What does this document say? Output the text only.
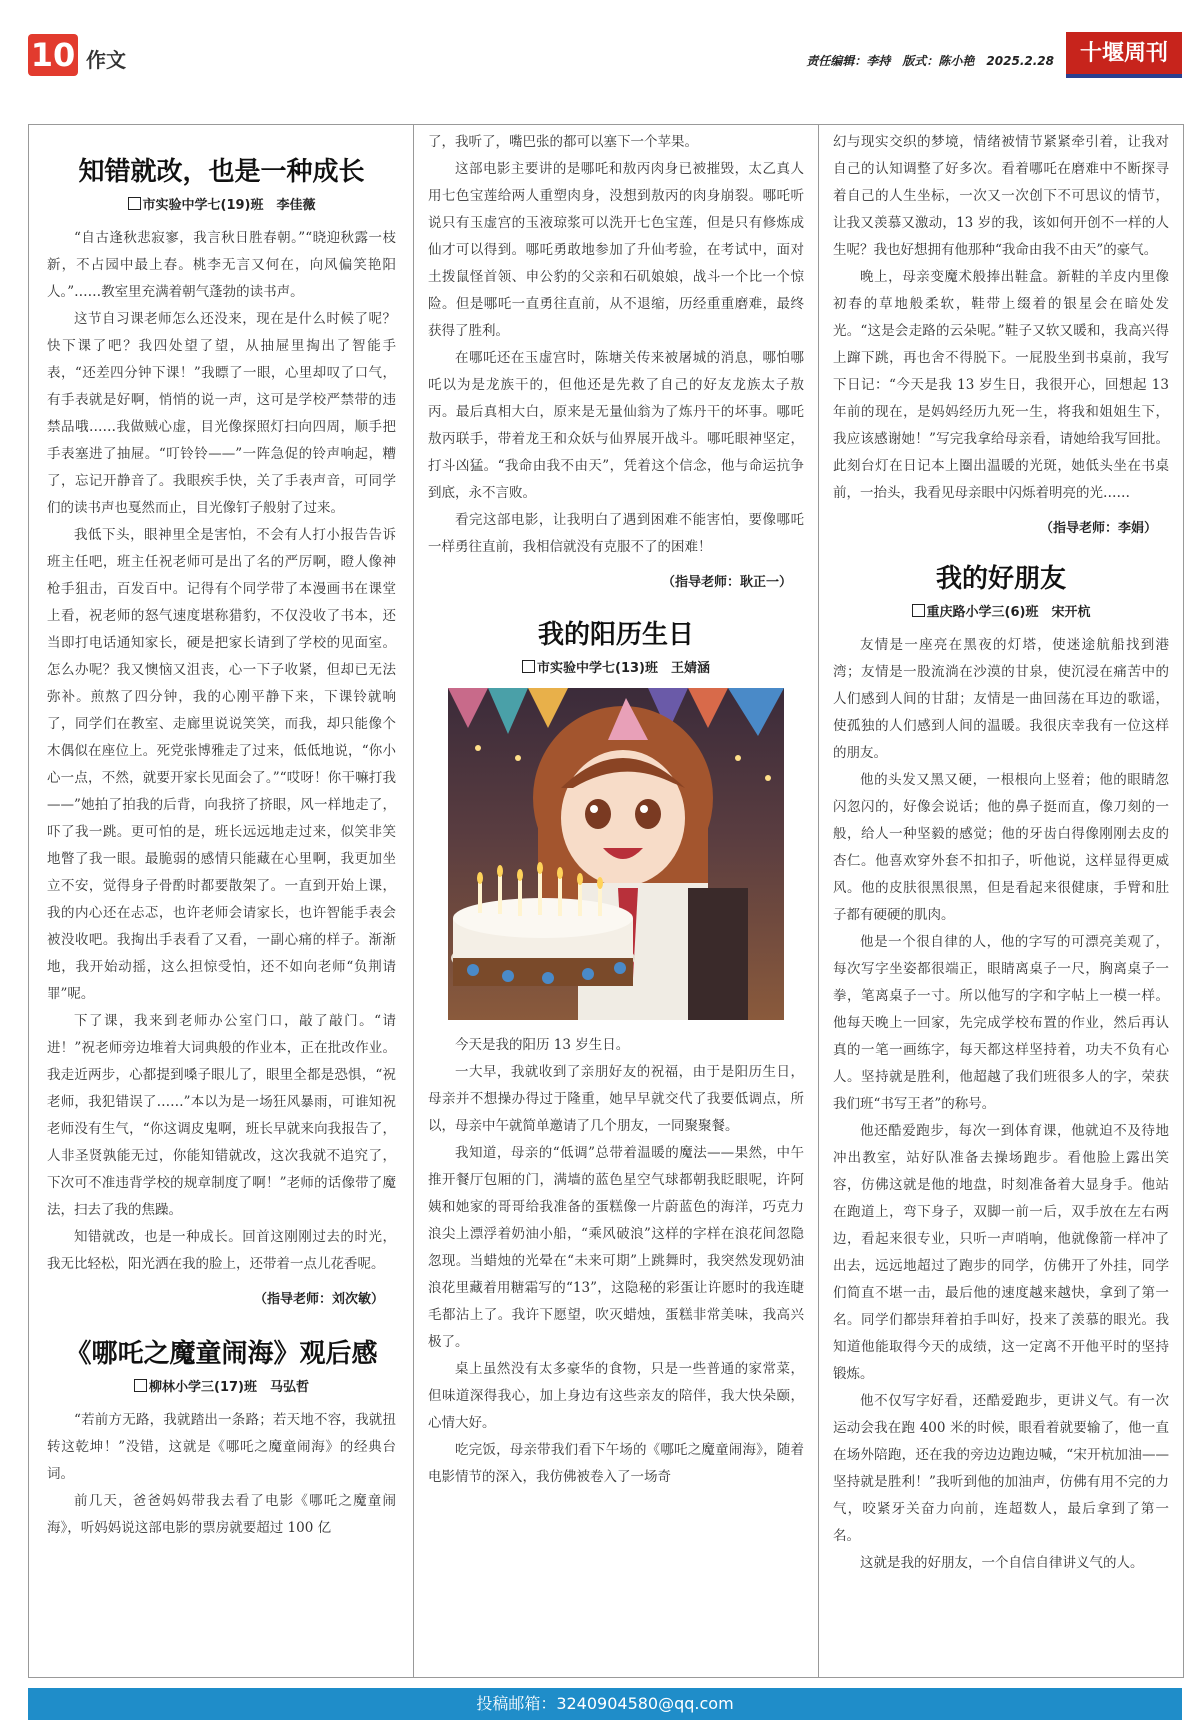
10 作文	责任编辑：李持　版式：陈小艳　2025.2.28	十堰周刊
知错就改，也是一种成长
市实验中学七(19)班　李佳薇

“自古逢秋悲寂寥，我言秋日胜春朝。”“晓迎秋露一枝新，不占园中最上春。桃李无言又何在，向风偏笑艳阳人。”……教室里充满着朝气蓬勃的读书声。

这节自习课老师怎么还没来，现在是什么时候了呢？快下课了吧？我四处望了望，从抽屉里掏出了智能手表，“还差四分钟下课！”我瞟了一眼，心里却叹了口气，有手表就是好啊，悄悄的说一声，这可是学校严禁带的违禁品哦……我做贼心虚，目光像探照灯扫向四周，顺手把手表塞进了抽屉。“叮铃铃——”一阵急促的铃声响起，糟了，忘记开静音了。我眼疾手快，关了手表声音，可同学们的读书声也戛然而止，目光像钉子般射了过来。

我低下头，眼神里全是害怕，不会有人打小报告告诉班主任吧，班主任祝老师可是出了名的严厉啊，瞪人像神枪手狙击，百发百中。记得有个同学带了本漫画书在课堂上看，祝老师的怒气速度堪称猎豹，不仅没收了书本，还当即打电话通知家长，硬是把家长请到了学校的见面室。怎么办呢？我又懊恼又沮丧，心一下子收紧，但却已无法弥补。煎熬了四分钟，我的心刚平静下来，下课铃就响了，同学们在教室、走廊里说说笑笑，而我，却只能像个木偶似在座位上。死党张博雅走了过来，低低地说，“你小心一点，不然，就要开家长见面会了。”“哎呀！你干嘛打我——”她拍了拍我的后背，向我挤了挤眼，风一样地走了，吓了我一跳。更可怕的是，班长远远地走过来，似笑非笑地瞥了我一眼。最脆弱的感情只能藏在心里啊，我更加坐立不安，觉得身子骨酌时都要散架了。一直到开始上课，我的内心还在忐忑，也许老师会请家长，也许智能手表会被没收吧。我掏出手表看了又看，一副心痛的样子。渐渐地，我开始动摇，这么担惊受怕，还不如向老师“负荆请罪”呢。

下了课，我来到老师办公室门口，敲了敲门。“请进！”祝老师旁边堆着大词典般的作业本，正在批改作业。我走近两步，心都提到嗓子眼儿了，眼里全都是恐惧，“祝老师，我犯错误了……”本以为是一场狂风暴雨，可谁知祝老师没有生气，“你这调皮鬼啊，班长早就来向我报告了，人非圣贤孰能无过，你能知错就改，这次我就不追究了，下次可不准违背学校的规章制度了啊！”老师的话像带了魔法，扫去了我的焦躁。

知错就改，也是一种成长。回首这刚刚过去的时光，我无比轻松，阳光洒在我的脸上，还带着一点儿花香呢。

（指导老师：刘次敏）
《哪吒之魔童闹海》观后感
柳林小学三(17)班　马弘哲

“若前方无路，我就踏出一条路；若天地不容，我就扭转这乾坤！”没错，这就是《哪吒之魔童闹海》的经典台词。

前几天，爸爸妈妈带我去看了电影《哪吒之魔童闹海》，听妈妈说这部电影的票房就要超过 100 亿

了，我听了，嘴巴张的都可以塞下一个苹果。

这部电影主要讲的是哪吒和敖丙肉身已被摧毁，太乙真人用七色宝莲给两人重塑肉身，没想到敖丙的肉身崩裂。哪吒听说只有玉虚宫的玉液琼浆可以洗开七色宝莲，但是只有修炼成仙才可以得到。哪吒勇敢地参加了升仙考验，在考试中，面对土拨鼠怪首领、申公豹的父亲和石矶娘娘，战斗一个比一个惊险。但是哪吒一直勇往直前，从不退缩，历经重重磨难，最终获得了胜利。

在哪吒还在玉虚宫时，陈塘关传来被屠城的消息，哪怕哪吒以为是龙族干的，但他还是先救了自己的好友龙族太子敖丙。最后真相大白，原来是无量仙翁为了炼丹干的坏事。哪吒敖丙联手，带着龙王和众妖与仙界展开战斗。哪吒眼神坚定，打斗凶猛。“我命由我不由天”，凭着这个信念，他与命运抗争到底，永不言败。

看完这部电影，让我明白了遇到困难不能害怕，要像哪吒一样勇往直前，我相信就没有克服不了的困难！

（指导老师：耿正一）
我的阳历生日
市实验中学七(13)班　王婧涵

今天是我的阳历 13 岁生日。

一大早，我就收到了亲朋好友的祝福，由于是阳历生日，母亲并不想操办得过于隆重，她早早就交代了我要低调点，所以，母亲中午就简单邀请了几个朋友，一同聚聚餐。

我知道，母亲的“低调”总带着温暖的魔法——果然，中午推开餐厅包厢的门，满墙的蓝色星空气球都朝我眨眼呢，许阿姨和她家的哥哥给我准备的蛋糕像一片蔚蓝色的海洋，巧克力浪尖上漂浮着奶油小船，“乘风破浪”这样的字样在浪花间忽隐忽现。当蜡烛的光晕在“未来可期”上跳舞时，我突然发现奶油浪花里藏着用糖霜写的“13”，这隐秘的彩蛋让许愿时的我连睫毛都沾上了。我许下愿望，吹灭蜡烛，蛋糕非常美味，我高兴极了。

桌上虽然没有太多豪华的食物，只是一些普通的家常菜，但味道深得我心，加上身边有这些亲友的陪伴，我大快朵颐，心情大好。

吃完饭，母亲带我们看下午场的《哪吒之魔童闹海》，随着电影情节的深入，我仿佛被卷入了一场奇

幻与现实交织的梦境，情绪被情节紧紧牵引着，让我对自己的认知调整了好多次。看着哪吒在磨难中不断探寻着自己的人生坐标，一次又一次创下不可思议的情节，让我又羡慕又激动，13 岁的我，该如何开创不一样的人生呢？我也好想拥有他那种“我命由我不由天”的豪气。

晚上，母亲变魔术般捧出鞋盒。新鞋的羊皮内里像初春的草地般柔软，鞋带上缀着的银星会在暗处发光。“这是会走路的云朵呢。”鞋子又软又暖和，我高兴得上蹿下跳，再也舍不得脱下。一屁股坐到书桌前，我写下日记：“今天是我 13 岁生日，我很开心，回想起 13 年前的现在，是妈妈经历九死一生，将我和姐姐生下，我应该感谢她！”写完我拿给母亲看，请她给我写回批。此刻台灯在日记本上圈出温暖的光斑，她低头坐在书桌前，一抬头，我看见母亲眼中闪烁着明亮的光……

（指导老师：李娟）
我的好朋友
重庆路小学三(6)班　宋开杭

友情是一座亮在黑夜的灯塔，使迷途航船找到港湾；友情是一股流淌在沙漠的甘泉，使沉浸在痛苦中的人们感到人间的甘甜；友情是一曲回荡在耳边的歌谣，使孤独的人们感到人间的温暖。我很庆幸我有一位这样的朋友。

他的头发又黑又硬，一根根向上竖着；他的眼睛忽闪忽闪的，好像会说话；他的鼻子挺而直，像刀刻的一般，给人一种坚毅的感觉；他的牙齿白得像刚刚去皮的杏仁。他喜欢穿外套不扣扣子，听他说，这样显得更威风。他的皮肤很黑很黑，但是看起来很健康，手臂和肚子都有硬硬的肌肉。

他是一个很自律的人，他的字写的可漂亮美观了，每次写字坐姿都很端正，眼睛离桌子一尺，胸离桌子一拳，笔离桌子一寸。所以他写的字和字帖上一模一样。他每天晚上一回家，先完成学校布置的作业，然后再认真的一笔一画练字，每天都这样坚持着，功夫不负有心人。坚持就是胜利，他超越了我们班很多人的字，荣获我们班“书写王者”的称号。

他还酷爱跑步，每次一到体育课，他就迫不及待地冲出教室，站好队准备去操场跑步。看他脸上露出笑容，仿佛这就是他的地盘，时刻准备着大显身手。他站在跑道上，弯下身子，双脚一前一后，双手放在左右两边，看起来很专业，只听一声哨响，他就像箭一样冲了出去，远远地超过了跑步的同学，仿佛开了外挂，同学们简直不堪一击，最后他的速度越来越快，拿到了第一名。同学们都崇拜着拍手叫好，投来了羡慕的眼光。我知道他能取得今天的成绩，这一定离不开他平时的坚持锻炼。

他不仅写字好看，还酷爱跑步，更讲义气。有一次运动会我在跑 400 米的时候，眼看着就要输了，他一直在场外陪跑，还在我的旁边边跑边喊，“宋开杭加油——坚持就是胜利！”我听到他的加油声，仿佛有用不完的力气，咬紧牙关奋力向前，连超数人，最后拿到了第一名。

这就是我的好朋友，一个自信自律讲义气的人。

投稿邮箱：3240904580@qq.com
